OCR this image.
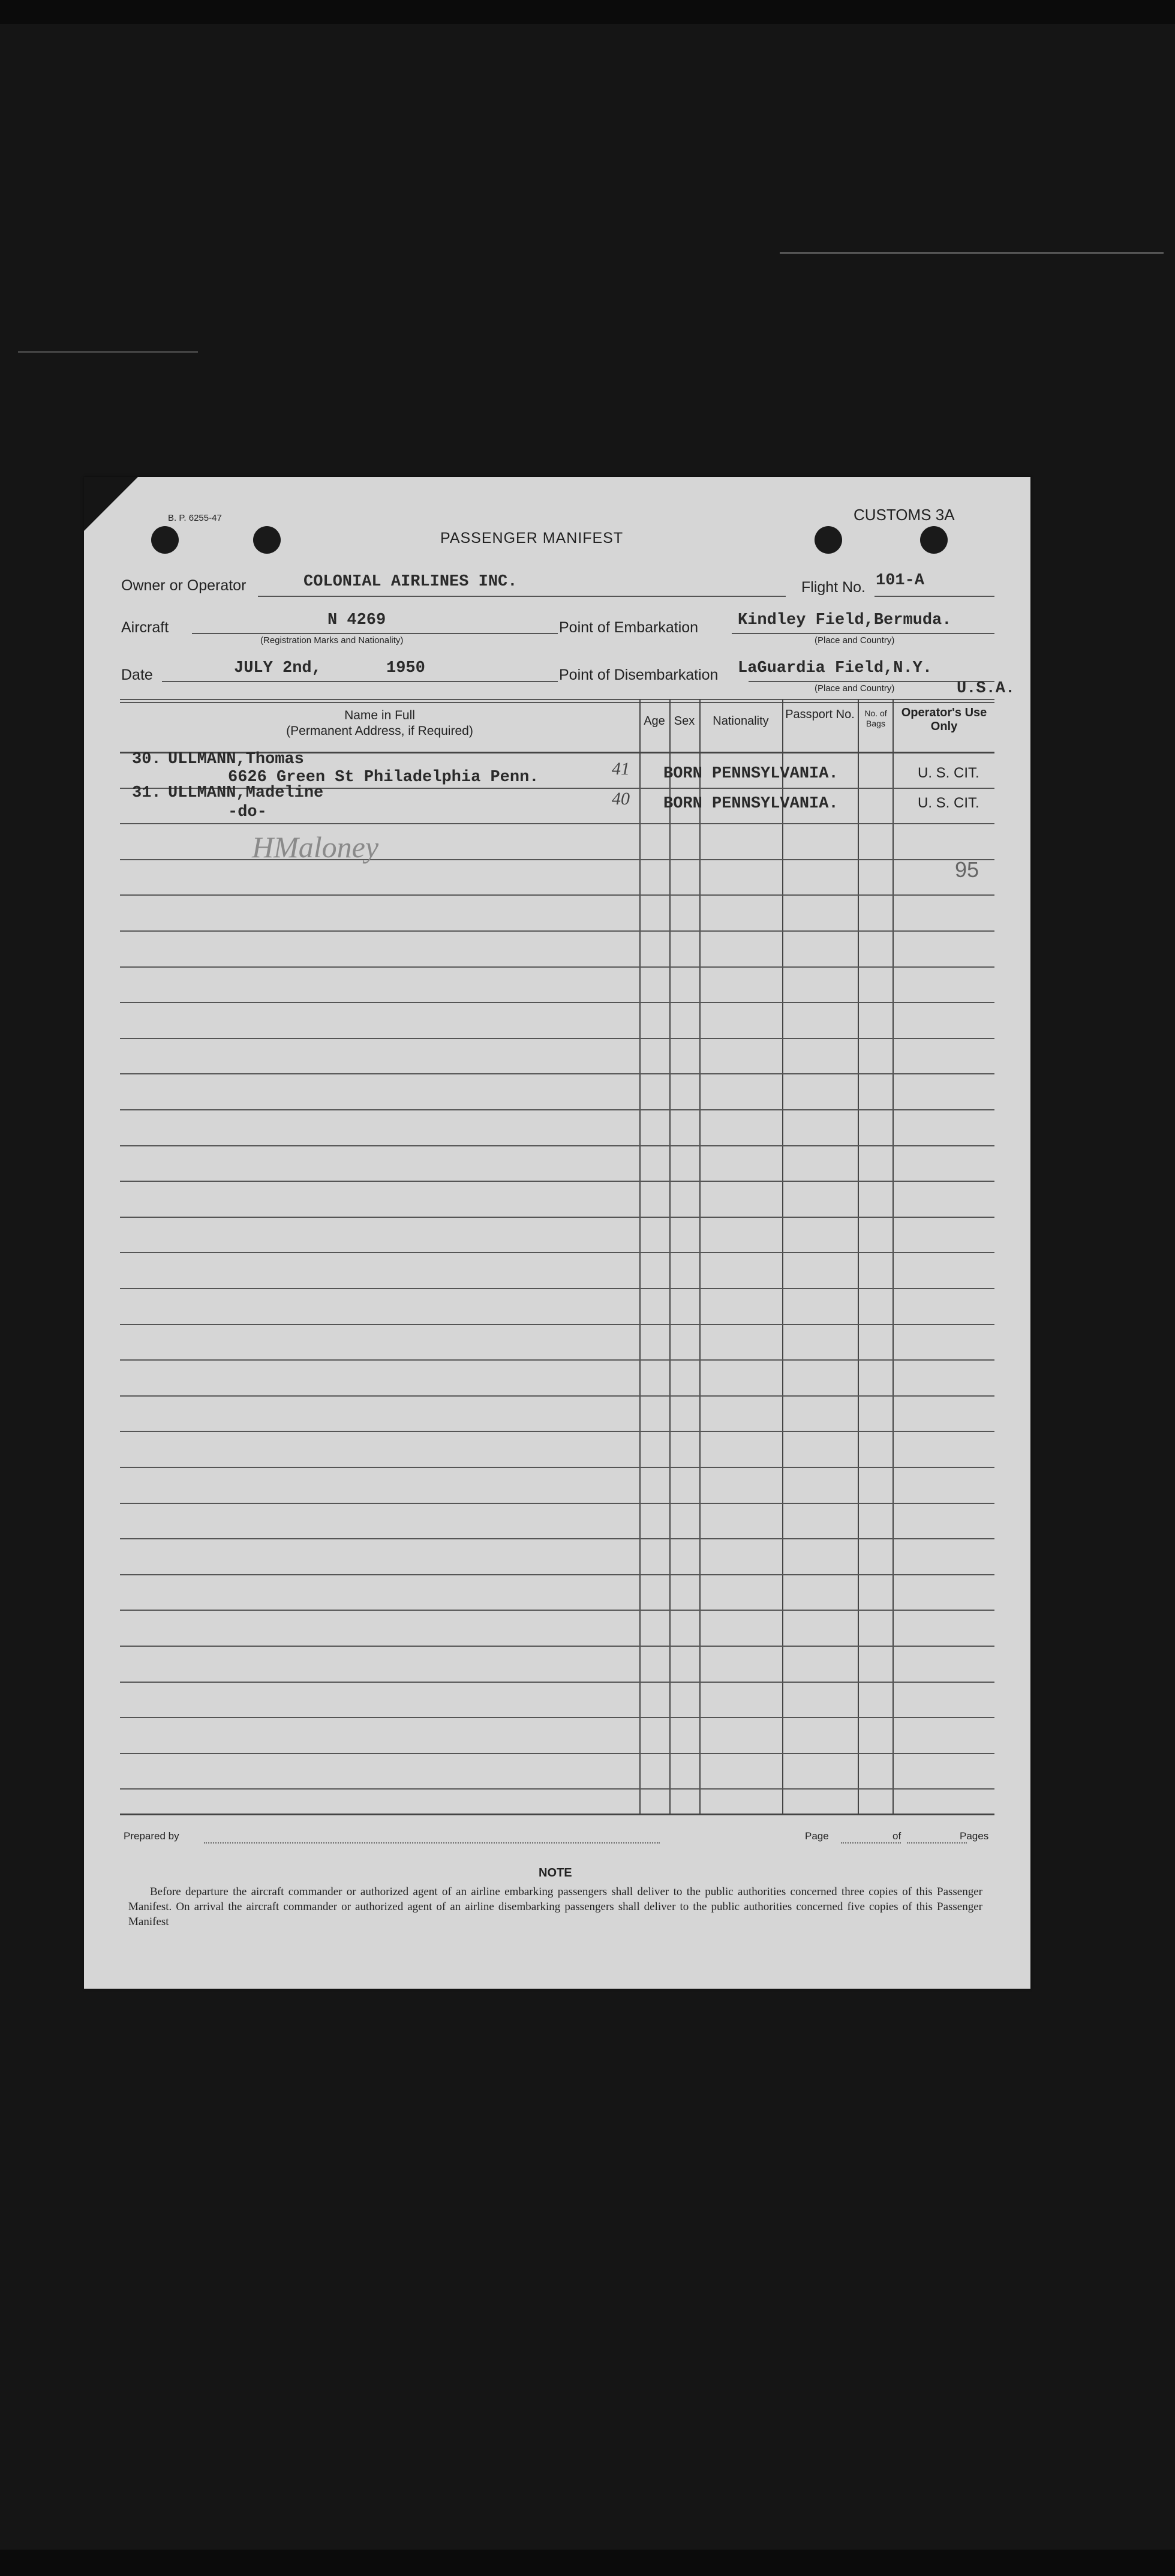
B. P. 6255-47
PASSENGER MANIFEST
CUSTOMS 3A
Owner or Operator	COLONIAL AIRLINES INC.	Flight No. 101-A
Aircraft	N 4269
(Registration Marks and Nationality)
Point of Embarkation Kindley Field,Bermuda.
(Place and Country)
Date	JULY 2nd,	1950	Point of Disembarkation LaGuardia Field,N.Y.
U.S.A.
(Place and Country)
Name in Full
(Permanent Address, if Required)
Age Sex	Nationality	Passport No.	No. of Bags
Operator's Use Only
30. ULLMANN,Thomas
6626 Green St Philadelphia Penn.	41 BORN PENNSYLVANIA.	U. S. CIT.
31. ULLMANN,Madeline
-do-
40 BORN PENNSYLVANIA.	U. S. CIT.
HMaloney
95
Prepared by	Page	of	Pages
NOTE
Before departure the aircraft commander or authorized agent of an airline embarking passengers shall deliver to the public authorities concerned three copies of this Passenger Manifest. On arrival the aircraft commander or authorized agent of an airline disembarking passengers shall deliver to the public authorities concerned five copies of this Passenger Manifest
